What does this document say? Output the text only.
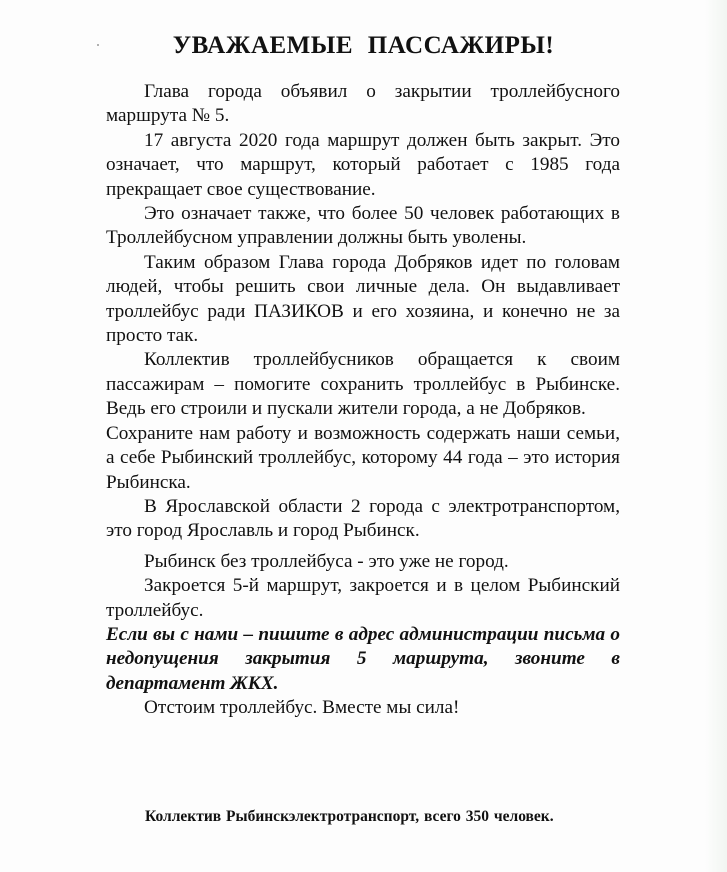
УВАЖАЕМЫЕ ПАССАЖИРЫ!

Глава города объявил о закрытии троллейбусного маршрута № 5.

17 августа 2020 года маршрут должен быть закрыт. Это означает, что маршрут, который работает с 1985 года прекращает свое существование.

Это означает также, что более 50 человек работающих в Троллейбусном управлении должны быть уволены.

Таким образом Глава города Добряков идет по головам людей, чтобы решить свои личные дела. Он выдавливает троллейбус ради ПАЗИКОВ и его хозяина, и конечно не за просто так.

Коллектив троллейбусников обращается к своим пассажирам – помогите сохранить троллейбус в Рыбинске. Ведь его строили и пускали жители города, а не Добряков.

Сохраните нам работу и возможность содержать наши семьи, а себе Рыбинский троллейбус, которому 44 года – это история Рыбинска.

В Ярославской области 2 города с электротранспортом, это город Ярославль и город Рыбинск.

Рыбинск без троллейбуса - это уже не город.

Закроется 5-й маршрут, закроется и в целом Рыбинский троллейбус.

Если вы с нами – пишите в адрес администрации письма о недопущения закрытия 5 маршрута, звоните в департамент ЖКХ.

Отстоим троллейбус. Вместе мы сила!

Коллектив Рыбинскэлектротранспорт, всего 350 человек.
